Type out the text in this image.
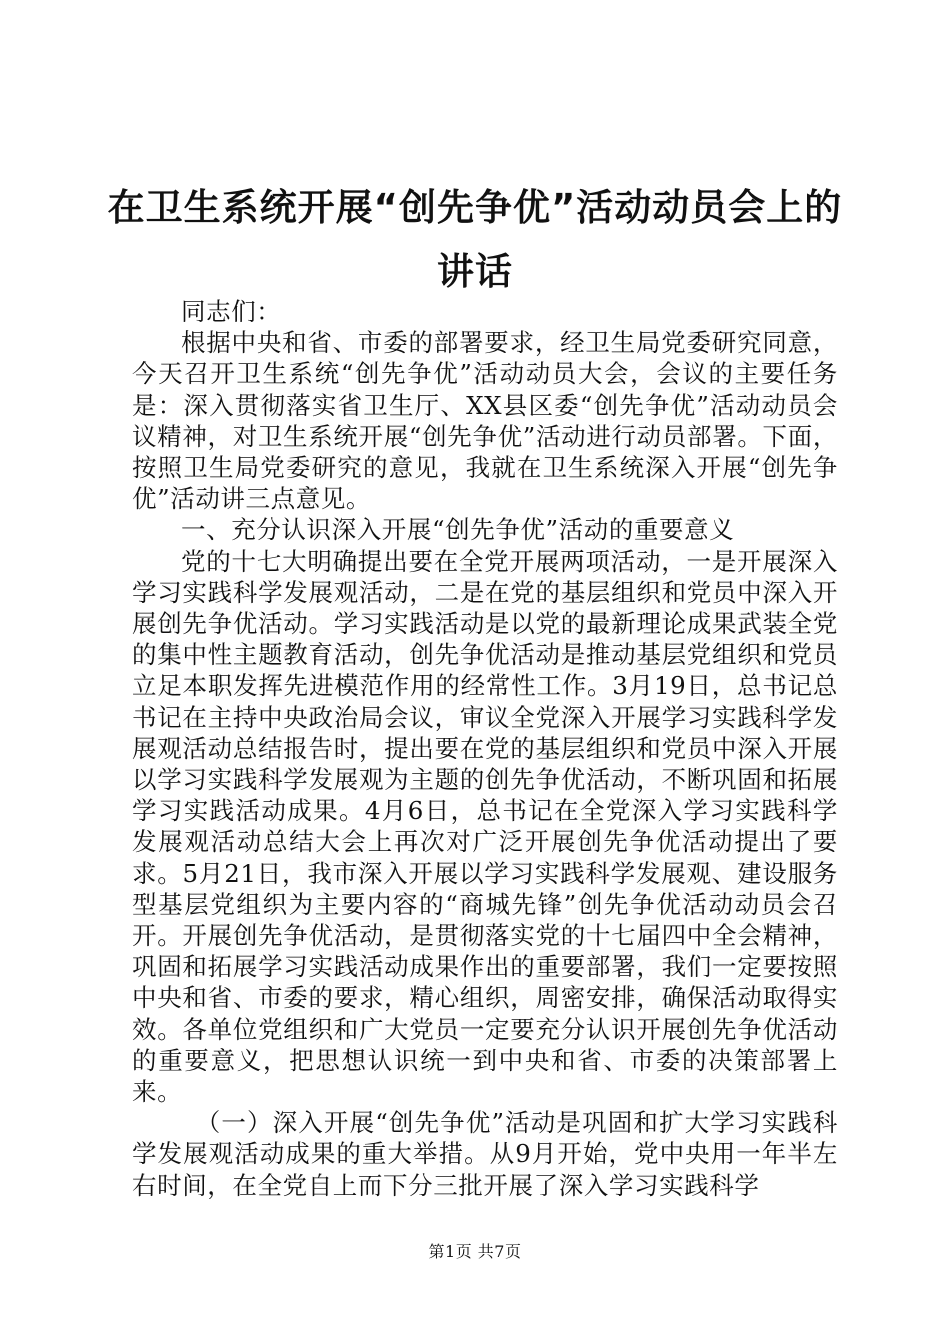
在卫生系统开展“创先争优”活动动员会上的
讲话

同志们：

根据中央和省、市委的部署要求，经卫生局党委研究同意，今天召开卫生系统“创先争优”活动动员大会，会议的主要任务是：深入贯彻落实省卫生厅、XX县区委“创先争优”活动动员会议精神，对卫生系统开展“创先争优”活动进行动员部署。下面，按照卫生局党委研究的意见，我就在卫生系统深入开展“创先争优”活动讲三点意见。

一、充分认识深入开展“创先争优”活动的重要意义

党的十七大明确提出要在全党开展两项活动，一是开展深入学习实践科学发展观活动，二是在党的基层组织和党员中深入开展创先争优活动。学习实践活动是以党的最新理论成果武装全党的集中性主题教育活动，创先争优活动是推动基层党组织和党员立足本职发挥先进模范作用的经常性工作。3月19日，总书记总书记在主持中央政治局会议，审议全党深入开展学习实践科学发展观活动总结报告时，提出要在党的基层组织和党员中深入开展以学习实践科学发展观为主题的创先争优活动，不断巩固和拓展学习实践活动成果。4月6日，总书记在全党深入学习实践科学发展观活动总结大会上再次对广泛开展创先争优活动提出了要求。5月21日，我市深入开展以学习实践科学发展观、建设服务型基层党组织为主要内容的“商城先锋”创先争优活动动员会召开。开展创先争优活动，是贯彻落实党的十七届四中全会精神，巩固和拓展学习实践活动成果作出的重要部署，我们一定要按照中央和省、市委的要求，精心组织，周密安排，确保活动取得实效。各单位党组织和广大党员一定要充分认识开展创先争优活动的重要意义，把思想认识统一到中央和省、市委的决策部署上来。

（一）深入开展“创先争优”活动是巩固和扩大学习实践科学发展观活动成果的重大举措。从9月开始，党中央用一年半左右时间，在全党自上而下分三批开展了深入学习实践科学

第1页 共7页
